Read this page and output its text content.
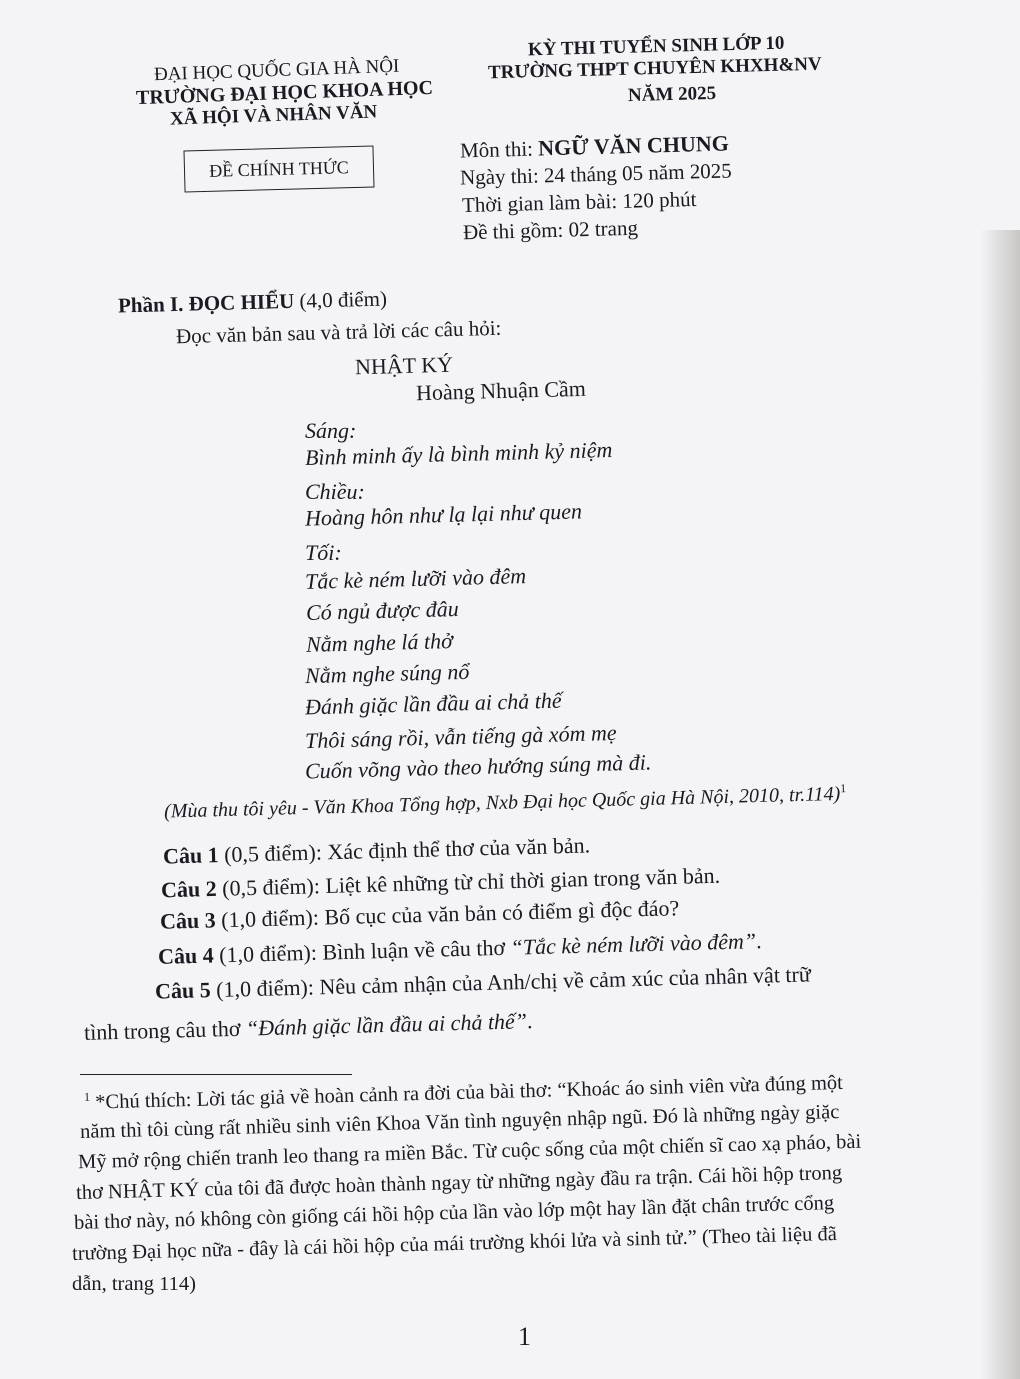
ĐẠI HỌC QUỐC GIA HÀ NỘI
TRƯỜNG ĐẠI HỌC KHOA HỌC
XÃ HỘI VÀ NHÂN VĂN
ĐỀ CHÍNH THỨC
KỲ THI TUYỂN SINH LỚP 10
TRƯỜNG THPT CHUYÊN KHXH&NV
NĂM 2025
Môn thi: NGỮ VĂN CHUNG
Ngày thi: 24 tháng 05 năm 2025
Thời gian làm bài: 120 phút
Đề thi gồm: 02 trang
Phần I. ĐỌC HIỂU (4,0 điểm)
Đọc văn bản sau và trả lời các câu hỏi:
NHẬT KÝ
Hoàng Nhuận Cầm
Sáng:
Bình minh ấy là bình minh kỷ niệm
Chiều:
Hoàng hôn như lạ lại như quen
Tối:
Tắc kè ném lưỡi vào đêm
Có ngủ được đâu
Nằm nghe lá thở
Nằm nghe súng nổ
Đánh giặc lần đầu ai chả thế
Thôi sáng rồi, vẫn tiếng gà xóm mẹ
Cuốn võng vào theo hướng súng mà đi.
(Mùa thu tôi yêu - Văn Khoa Tổng hợp, Nxb Đại học Quốc gia Hà Nội, 2010, tr.114)$^1$
Câu 1 (0,5 điểm): Xác định thể thơ của văn bản.
Câu 2 (0,5 điểm): Liệt kê những từ chỉ thời gian trong văn bản.
Câu 3 (1,0 điểm): Bố cục của văn bản có điểm gì độc đáo?
Câu 4 (1,0 điểm): Bình luận về câu thơ “Tắc kè ném lưỡi vào đêm”.
Câu 5 (1,0 điểm): Nêu cảm nhận của Anh/chị về cảm xúc của nhân vật trữ
tình trong câu thơ “Đánh giặc lần đầu ai chả thế”.
$^1$ *Chú thích: Lời tác giả về hoàn cảnh ra đời của bài thơ: “Khoác áo sinh viên vừa đúng một
năm thì tôi cùng rất nhiều sinh viên Khoa Văn tình nguyện nhập ngũ. Đó là những ngày giặc
Mỹ mở rộng chiến tranh leo thang ra miền Bắc. Từ cuộc sống của một chiến sĩ cao xạ pháo, bài
thơ NHẬT KÝ của tôi đã được hoàn thành ngay từ những ngày đầu ra trận. Cái hồi hộp trong
bài thơ này, nó không còn giống cái hồi hộp của lần vào lớp một hay lần đặt chân trước cổng
trường Đại học nữa - đây là cái hồi hộp của mái trường khói lửa và sinh tử.” (Theo tài liệu đã
dẫn, trang 114)
1
